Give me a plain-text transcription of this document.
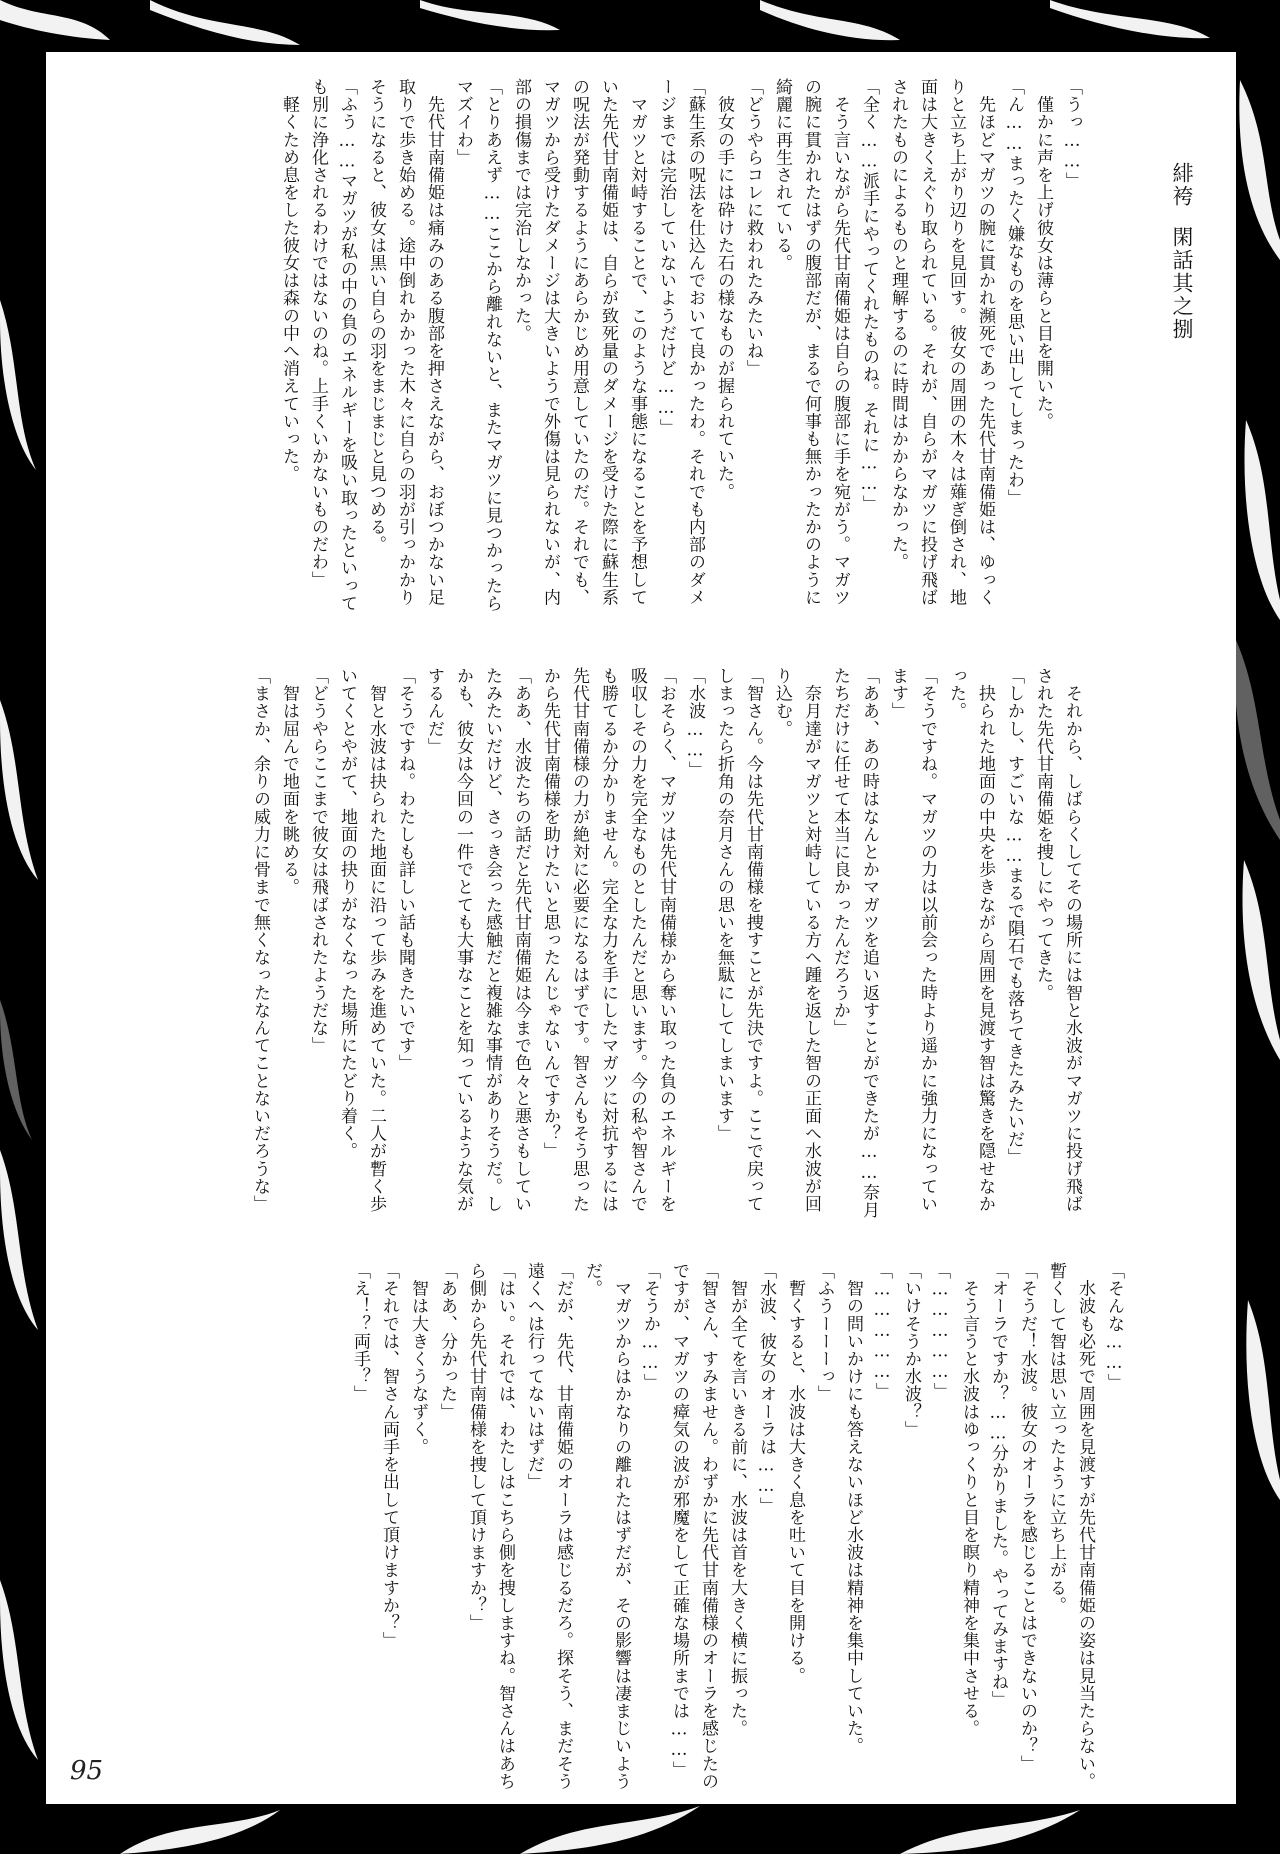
緋袴閑話其之捌

「うっ……」

　僅かに声を上げ彼女は薄らと目を開いた。

「ん……まったく嫌なものを思い出してしまったわ」

　先ほどマガツの腕に貫かれ瀕死であった先代甘南備姫は、ゆっくりと立ち上がり辺りを見回す。彼女の周囲の木々は薙ぎ倒され、地面は大きくえぐり取られている。それが、自らがマガツに投げ飛ばされたものによるものと理解するのに時間はかからなかった。

「全く……派手にやってくれたものね。それに……」

　そう言いながら先代甘南備姫は自らの腹部に手を宛がう。マガツの腕に貫かれたはずの腹部だが、まるで何事も無かったかのように綺麗に再生されている。

「どうやらコレに救われたみたいね」

　彼女の手には砕けた石の様なものが握られていた。

「蘇生系の呪法を仕込んでおいて良かったわ。それでも内部のダメージまでは完治していないようだけど……」

　マガツと対峙することで、このような事態になることを予想していた先代甘南備姫は、自らが致死量のダメージを受けた際に蘇生系の呪法が発動するようにあらかじめ用意していたのだ。それでも、マガツから受けたダメージは大きいようで外傷は見られないが、内部の損傷までは完治しなかった。

「とりあえず……ここから離れないと、またマガツに見つかったらマズイわ」

　先代甘南備姫は痛みのある腹部を押さえながら、おぼつかない足取りで歩き始める。途中倒れかかった木々に自らの羽が引っかかりそうになると、彼女は黒い自らの羽をまじまじと見つめる。

「ふう……マガツが私の中の負のエネルギーを吸い取ったといっても別に浄化されるわけではないのね。上手くいかないものだわ」

　軽くため息をした彼女は森の中へ消えていった。

　それから、しばらくしてその場所には智と水波がマガツに投げ飛ばされた先代甘南備姫を捜しにやってきた。

「しかし、すごいな……まるで隕石でも落ちてきたみたいだ」

　抉られた地面の中央を歩きながら周囲を見渡す智は驚きを隠せなかった。

「そうですね。マガツの力は以前会った時より遥かに強力になっています」

「ああ、あの時はなんとかマガツを追い返すことができたが……奈月たちだけに任せて本当に良かったんだろうか」

　奈月達がマガツと対峙している方へ踵を返した智の正面へ水波が回り込む。

「智さん。今は先代甘南備様を捜すことが先決ですよ。ここで戻ってしまったら折角の奈月さんの思いを無駄にしてしまいます」

「水波……」

「おそらく、マガツは先代甘南備様から奪い取った負のエネルギーを吸収しその力を完全なものとしたんだと思います。今の私や智さんでも勝てるか分かりません。完全な力を手にしたマガツに対抗するには先代甘南備様の力が絶対に必要になるはずです。智さんもそう思ったから先代甘南備様を助けたいと思ったんじゃないんですか？」

「ああ、水波たちの話だと先代甘南備姫は今まで色々と悪さもしていたみたいだけど、さっき会った感触だと複雑な事情がありそうだ。しかも、彼女は今回の一件でとても大事なことを知っているような気がするんだ」

「そうですね。わたしも詳しい話も聞きたいです」

　智と水波は抉られた地面に沿って歩みを進めていた。二人が暫く歩いてくとやがて、地面の抉りがなくなった場所にたどり着く。

「どうやらここまで彼女は飛ばされたようだな」

　智は屈んで地面を眺める。

「まさか、余りの威力に骨まで無くなったなんてことないだろうな」

「そんな……」

　水波も必死で周囲を見渡すが先代甘南備姫の姿は見当たらない。暫くして智は思い立ったように立ち上がる。

「そうだ！水波。彼女のオーラを感じることはできないのか？」

「オーラですか？……分かりました。やってみますね」

　そう言うと水波はゆっくりと目を瞑り精神を集中させる。

「……………」

「いけそうか水波？」

「……………」

　智の問いかけにも答えないほど水波は精神を集中していた。

「ふうーーーっ」

　暫くすると、水波は大きく息を吐いて目を開ける。

「水波、彼女のオーラは……」

　智が全てを言いきる前に、水波は首を大きく横に振った。

「智さん、すみません。わずかに先代甘南備様のオーラを感じたのですが、マガツの瘴気の波が邪魔をして正確な場所までは……」

「そうか……」

　マガツからはかなりの離れたはずだが、その影響は凄まじいようだ。

「だが、先代、甘南備姫のオーラは感じるだろ。探そう、まだそう遠くへは行ってないはずだ」

「はい。それでは、わたしはこちら側を捜しますね。智さんはあちら側から先代甘南備様を捜して頂けますか？」

「ああ、分かった」

　智は大きくうなずく。

「それでは、智さん両手を出して頂けますか？」

「え！？両手？」

95
